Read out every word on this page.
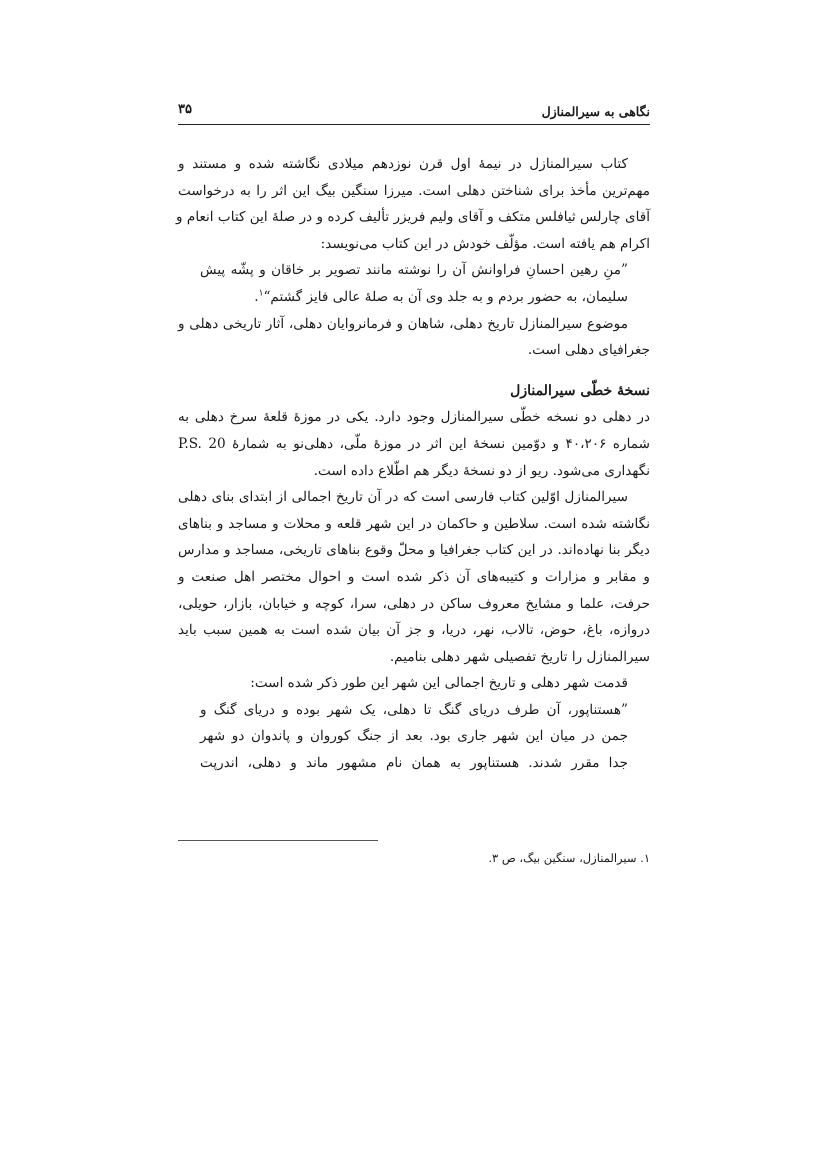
نگاهی به سیرالمنازل
۳۵
کتاب سیرالمنازل در نیمهٔ اول قرن نوزدهم میلادی نگاشته شده و مستند و
مهم‌ترین مأخذ برای شناختن دهلی است. میرزا سنگین بیگ این اثر را به درخواست
آقای چارلس ثیافلس متکف و آقای ولیم فریزر تألیف کرده و در صلهٔ این کتاب انعام و
اکرام هم یافته است. مؤلّف خودش در این کتاب می‌نویسد:
”منِ رهین احسانِ فراوانش آن را نوشته مانند تصویر بر خاقان و پشّه پیش
سلیمان، به حضور بردم و به جلد وی آن به صلهٔ عالی فایز گشتم“$^۱$.
موضوع سیرالمنازل تاریخ دهلی، شاهان و فرمانروایان دهلی، آثار تاریخی دهلی و
جغرافیای دهلی است.
نسخهٔ خطّی سیرالمنازل
در دهلی دو نسخه خطّی سیرالمنازل وجود دارد. یکی در موزهٔ قلعهٔ سرخ دهلی به
شماره ۴۰،۲۰۶ و دوّمین نسخهٔ این اثر در موزهٔ ملّی، دهلی‌نو به شمارهٔ P.S. 20
نگهداری می‌شود. ریو از دو نسخهٔ دیگر هم اطّلاع داده است.
سیرالمنازل اوّلین کتاب فارسی است که در آن تاریخ اجمالی از ابتدای بنای دهلی
نگاشته شده است. سلاطین و حاکمان در این شهر قلعه و محلات و مساجد و بناهای
دیگر بنا نهاده‌اند. در این کتاب جغرافیا و محلّ وقوع بناهای تاریخی، مساجد و مدارس
و مقابر و مزارات و کتیبه‌های آن ذکر شده است و احوال مختصر اهل صنعت و
حرفت، علما و مشایخ معروف ساکن در دهلی، سرا، کوچه و خیابان، بازار، حویلی،
دروازه، باغ، حوض، تالاب، نهر، دریا، و جز آن بیان شده است به همین سبب باید
سیرالمنازل را تاریخ تفصیلی شهر دهلی بنامیم.
قدمت شهر دهلی و تاریخ اجمالی این شهر این طور ذکر شده است:
”هستناپور، آن طرف دریای گنگ تا دهلی، یک شهر بوده و دریای گنگ و
جمن در میان این شهر جاری بود. بعد از جنگ کوروان و پاندوان دو شهر
جدا مقرر شدند. هستناپور به همان نام مشهور ماند و دهلی، اندرپت
۱. سیرالمنازل، سنگین بیگ، ص ۳.
